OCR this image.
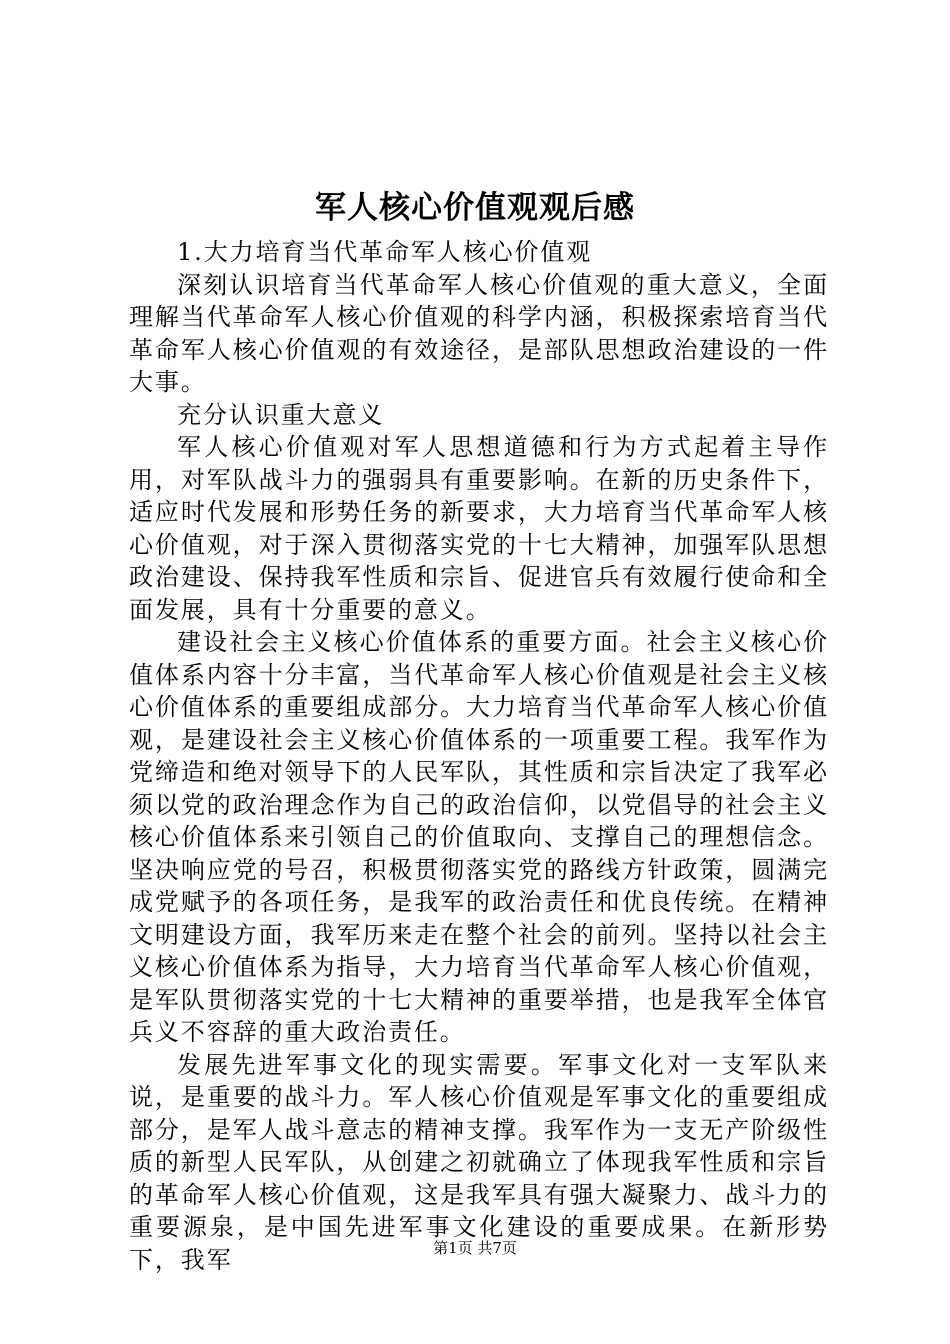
军人核心价值观观后感

1.大力培育当代革命军人核心价值观

深刻认识培育当代革命军人核心价值观的重大意义，全面理解当代革命军人核心价值观的科学内涵，积极探索培育当代革命军人核心价值观的有效途径，是部队思想政治建设的一件大事。

充分认识重大意义

军人核心价值观对军人思想道德和行为方式起着主导作用，对军队战斗力的强弱具有重要影响。在新的历史条件下，适应时代发展和形势任务的新要求，大力培育当代革命军人核心价值观，对于深入贯彻落实党的十七大精神，加强军队思想政治建设、保持我军性质和宗旨、促进官兵有效履行使命和全面发展，具有十分重要的意义。

建设社会主义核心价值体系的重要方面。社会主义核心价值体系内容十分丰富，当代革命军人核心价值观是社会主义核心价值体系的重要组成部分。大力培育当代革命军人核心价值观，是建设社会主义核心价值体系的一项重要工程。我军作为党缔造和绝对领导下的人民军队，其性质和宗旨决定了我军必须以党的政治理念作为自己的政治信仰，以党倡导的社会主义核心价值体系来引领自己的价值取向、支撑自己的理想信念。坚决响应党的号召，积极贯彻落实党的路线方针政策，圆满完成党赋予的各项任务，是我军的政治责任和优良传统。在精神文明建设方面，我军历来走在整个社会的前列。坚持以社会主义核心价值体系为指导，大力培育当代革命军人核心价值观，是军队贯彻落实党的十七大精神的重要举措，也是我军全体官兵义不容辞的重大政治责任。

发展先进军事文化的现实需要。军事文化对一支军队来说，是重要的战斗力。军人核心价值观是军事文化的重要组成部分，是军人战斗意志的精神支撑。我军作为一支无产阶级性质的新型人民军队，从创建之初就确立了体现我军性质和宗旨的革命军人核心价值观，这是我军具有强大凝聚力、战斗力的重要源泉，是中国先进军事文化建设的重要成果。在新形势下，我军	第1页 共7页
